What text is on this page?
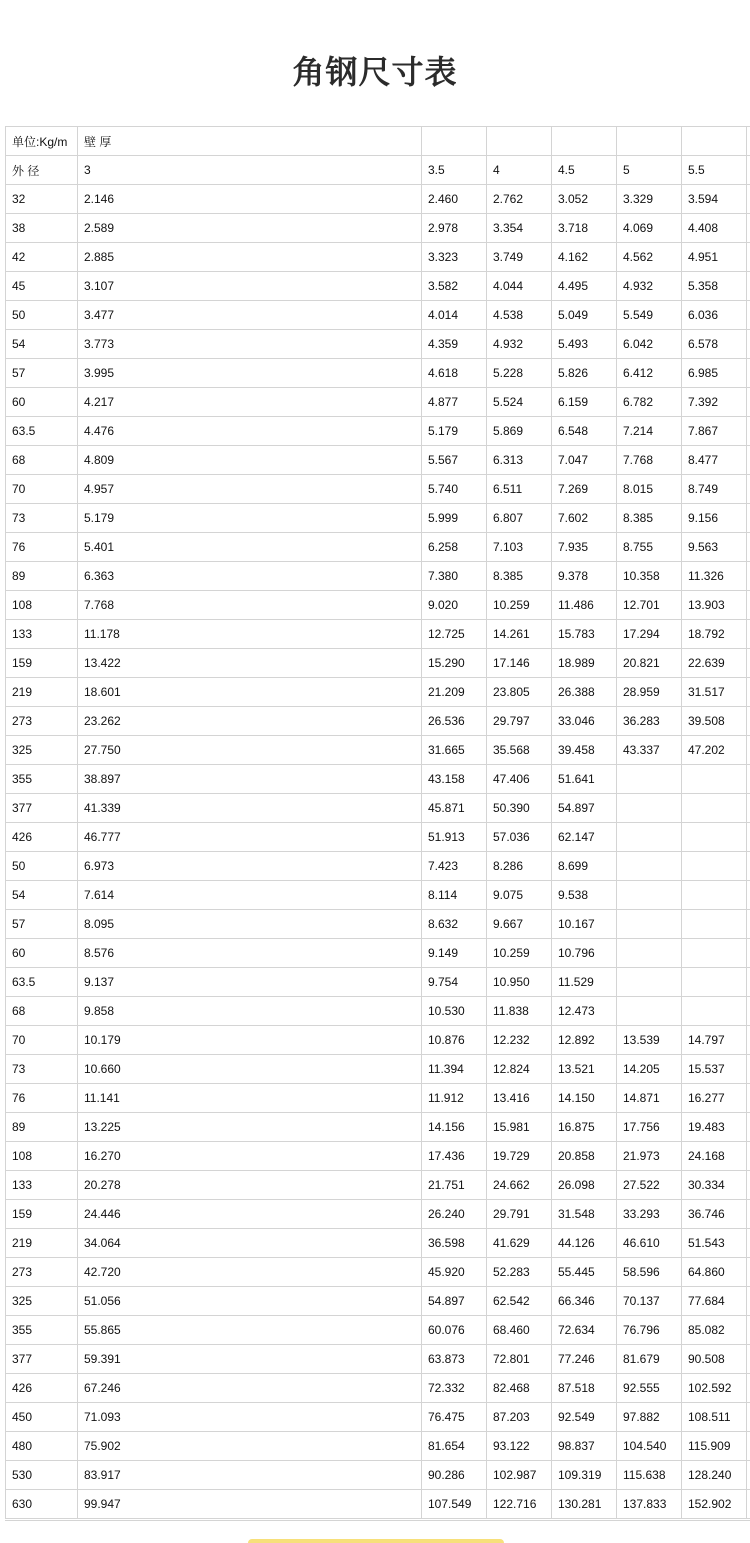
角钢尺寸表
单位:Kg/m	壁 厚						
外 径	3	3.5	4	4.5	5	5.5	
32	2.146	2.460	2.762	3.052	3.329	3.594	
38	2.589	2.978	3.354	3.718	4.069	4.408	
42	2.885	3.323	3.749	4.162	4.562	4.951	
45	3.107	3.582	4.044	4.495	4.932	5.358	
50	3.477	4.014	4.538	5.049	5.549	6.036	
54	3.773	4.359	4.932	5.493	6.042	6.578	
57	3.995	4.618	5.228	5.826	6.412	6.985	
60	4.217	4.877	5.524	6.159	6.782	7.392	
63.5	4.476	5.179	5.869	6.548	7.214	7.867	
68	4.809	5.567	6.313	7.047	7.768	8.477	
70	4.957	5.740	6.511	7.269	8.015	8.749	
73	5.179	5.999	6.807	7.602	8.385	9.156	
76	5.401	6.258	7.103	7.935	8.755	9.563	
89	6.363	7.380	8.385	9.378	10.358	11.326	
108	7.768	9.020	10.259	11.486	12.701	13.903	
133	11.178	12.725	14.261	15.783	17.294	18.792	
159	13.422	15.290	17.146	18.989	20.821	22.639	
219	18.601	21.209	23.805	26.388	28.959	31.517	
273	23.262	26.536	29.797	33.046	36.283	39.508	
325	27.750	31.665	35.568	39.458	43.337	47.202	
355	38.897	43.158	47.406	51.641			
377	41.339	45.871	50.390	54.897			
426	46.777	51.913	57.036	62.147			
50	6.973	7.423	8.286	8.699			
54	7.614	8.114	9.075	9.538			
57	8.095	8.632	9.667	10.167			
60	8.576	9.149	10.259	10.796			
63.5	9.137	9.754	10.950	11.529			
68	9.858	10.530	11.838	12.473			
70	10.179	10.876	12.232	12.892	13.539	14.797	
73	10.660	11.394	12.824	13.521	14.205	15.537	
76	11.141	11.912	13.416	14.150	14.871	16.277	
89	13.225	14.156	15.981	16.875	17.756	19.483	
108	16.270	17.436	19.729	20.858	21.973	24.168	
133	20.278	21.751	24.662	26.098	27.522	30.334	
159	24.446	26.240	29.791	31.548	33.293	36.746	
219	34.064	36.598	41.629	44.126	46.610	51.543	
273	42.720	45.920	52.283	55.445	58.596	64.860	
325	51.056	54.897	62.542	66.346	70.137	77.684	
355	55.865	60.076	68.460	72.634	76.796	85.082	
377	59.391	63.873	72.801	77.246	81.679	90.508	
426	67.246	72.332	82.468	87.518	92.555	102.592	
450	71.093	76.475	87.203	92.549	97.882	108.511	
480	75.902	81.654	93.122	98.837	104.540	115.909	
530	83.917	90.286	102.987	109.319	115.638	128.240	
630	99.947	107.549	122.716	130.281	137.833	152.902	
